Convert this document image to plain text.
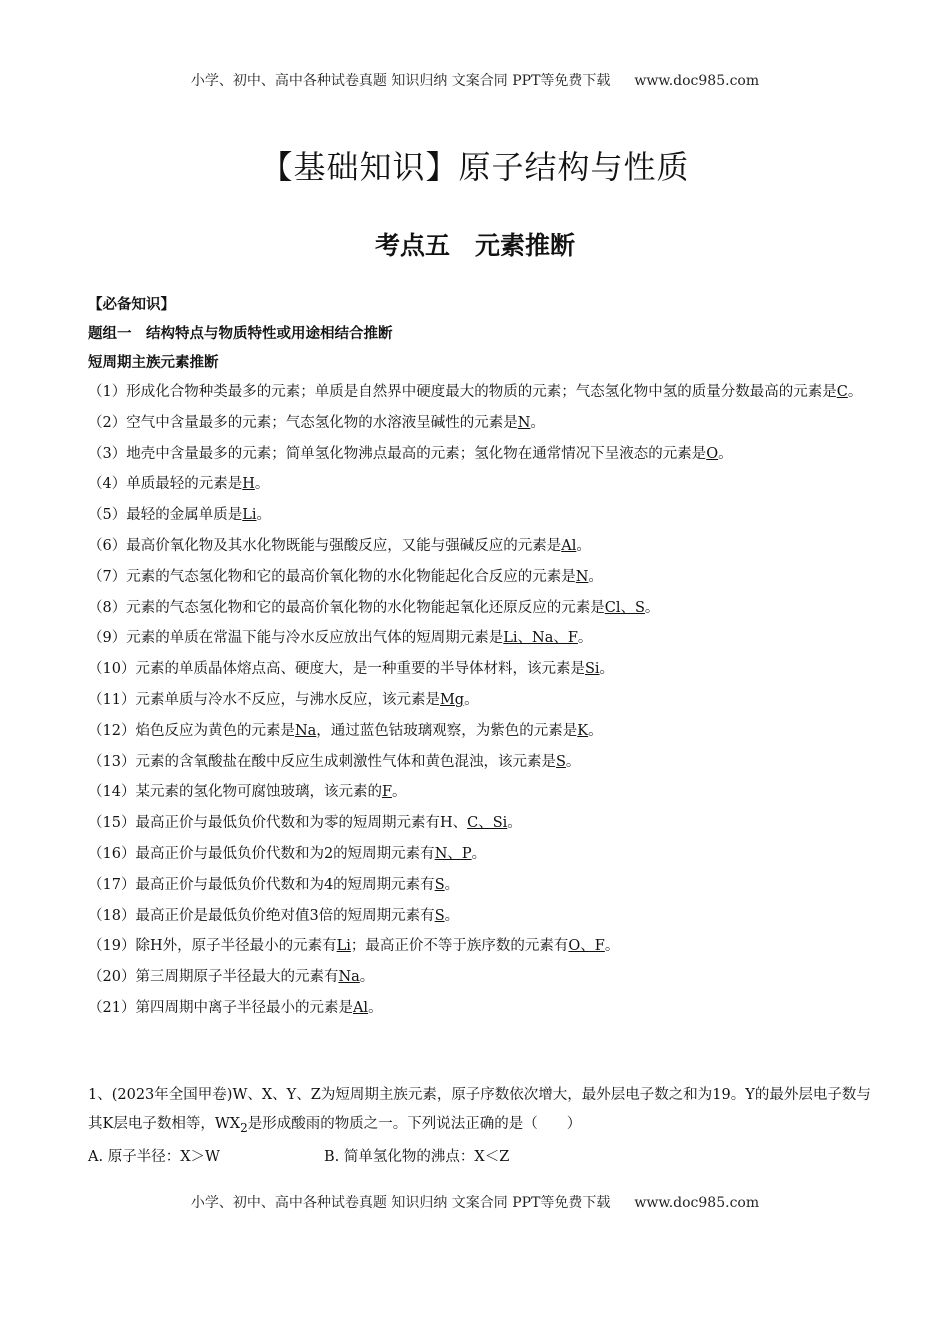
小学、初中、高中各种试卷真题 知识归纳 文案合同 PPT等免费下载 www.doc985.com
【基础知识】原子结构与性质
考点五　元素推断
【必备知识】
题组一　结构特点与物质特性或用途相结合推断
短周期主族元素推断
（1）形成化合物种类最多的元素；单质是自然界中硬度最大的物质的元素；气态氢化物中氢的质量分数最高的元素是C。
（2）空气中含量最多的元素；气态氢化物的水溶液呈碱性的元素是N。
（3）地壳中含量最多的元素；简单氢化物沸点最高的元素；氢化物在通常情况下呈液态的元素是O。
（4）单质最轻的元素是H。
（5）最轻的金属单质是Li。
（6）最高价氧化物及其水化物既能与强酸反应，又能与强碱反应的元素是Al。
（7）元素的气态氢化物和它的最高价氧化物的水化物能起化合反应的元素是N。
（8）元素的气态氢化物和它的最高价氧化物的水化物能起氧化还原反应的元素是Cl、S。
（9）元素的单质在常温下能与冷水反应放出气体的短周期元素是Li、Na、F。
（10）元素的单质晶体熔点高、硬度大，是一种重要的半导体材料，该元素是Si。
（11）元素单质与冷水不反应，与沸水反应，该元素是Mg。
（12）焰色反应为黄色的元素是Na，通过蓝色钴玻璃观察，为紫色的元素是K。
（13）元素的含氧酸盐在酸中反应生成刺激性气体和黄色混浊，该元素是S。
（14）某元素的氢化物可腐蚀玻璃，该元素的F。
（15）最高正价与最低负价代数和为零的短周期元素有H、C、Si。
（16）最高正价与最低负价代数和为2的短周期元素有N、P。
（17）最高正价与最低负价代数和为4的短周期元素有S。
（18）最高正价是最低负价绝对值3倍的短周期元素有S。
（19）除H外，原子半径最小的元素有Li；最高正价不等于族序数的元素有O、F。
（20）第三周期原子半径最大的元素有Na。
（21）第四周期中离子半径最小的元素是Al。
1、(2023年全国甲卷)W、X、Y、Z为短周期主族元素，原子序数依次增大，最外层电子数之和为19。Y的最外层电子数与其K层电子数相等，$WX_2$是形成酸雨的物质之一。下列说法正确的是（　　）
A. 原子半径：X＞W	B. 简单氢化物的沸点：X＜Z
小学、初中、高中各种试卷真题 知识归纳 文案合同 PPT等免费下载 www.doc985.com
